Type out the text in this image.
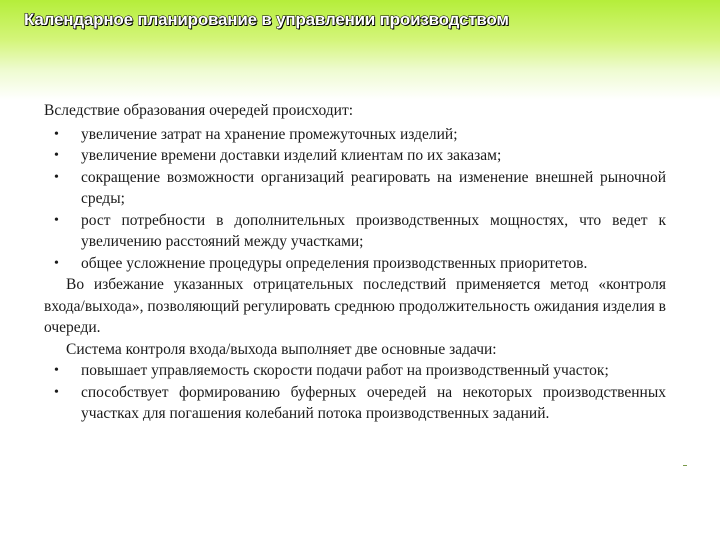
Календарное планирование в управлении производством

Вследствие образования очередей происходит:

• увеличение затрат на хранение промежуточных изделий;
• увеличение времени доставки изделий клиентам по их заказам;
• сокращение возможности организаций реагировать на изменение внешней рыночной среды;
• рост потребности в дополнительных производственных мощностях, что ведет к увеличению расстояний между участками;
• общее усложнение процедуры определения производственных приоритетов.

Во избежание указанных отрицательных последствий применяется метод «контроля входа/выхода», позволяющий регулировать среднюю продолжительность ожидания изделия в очереди.

Система контроля входа/выхода выполняет две основные задачи:

• повышает управляемость скорости подачи работ на производственный участок;
• способствует формированию буферных очередей на некоторых производственных участках для погашения колебаний потока производственных заданий.
